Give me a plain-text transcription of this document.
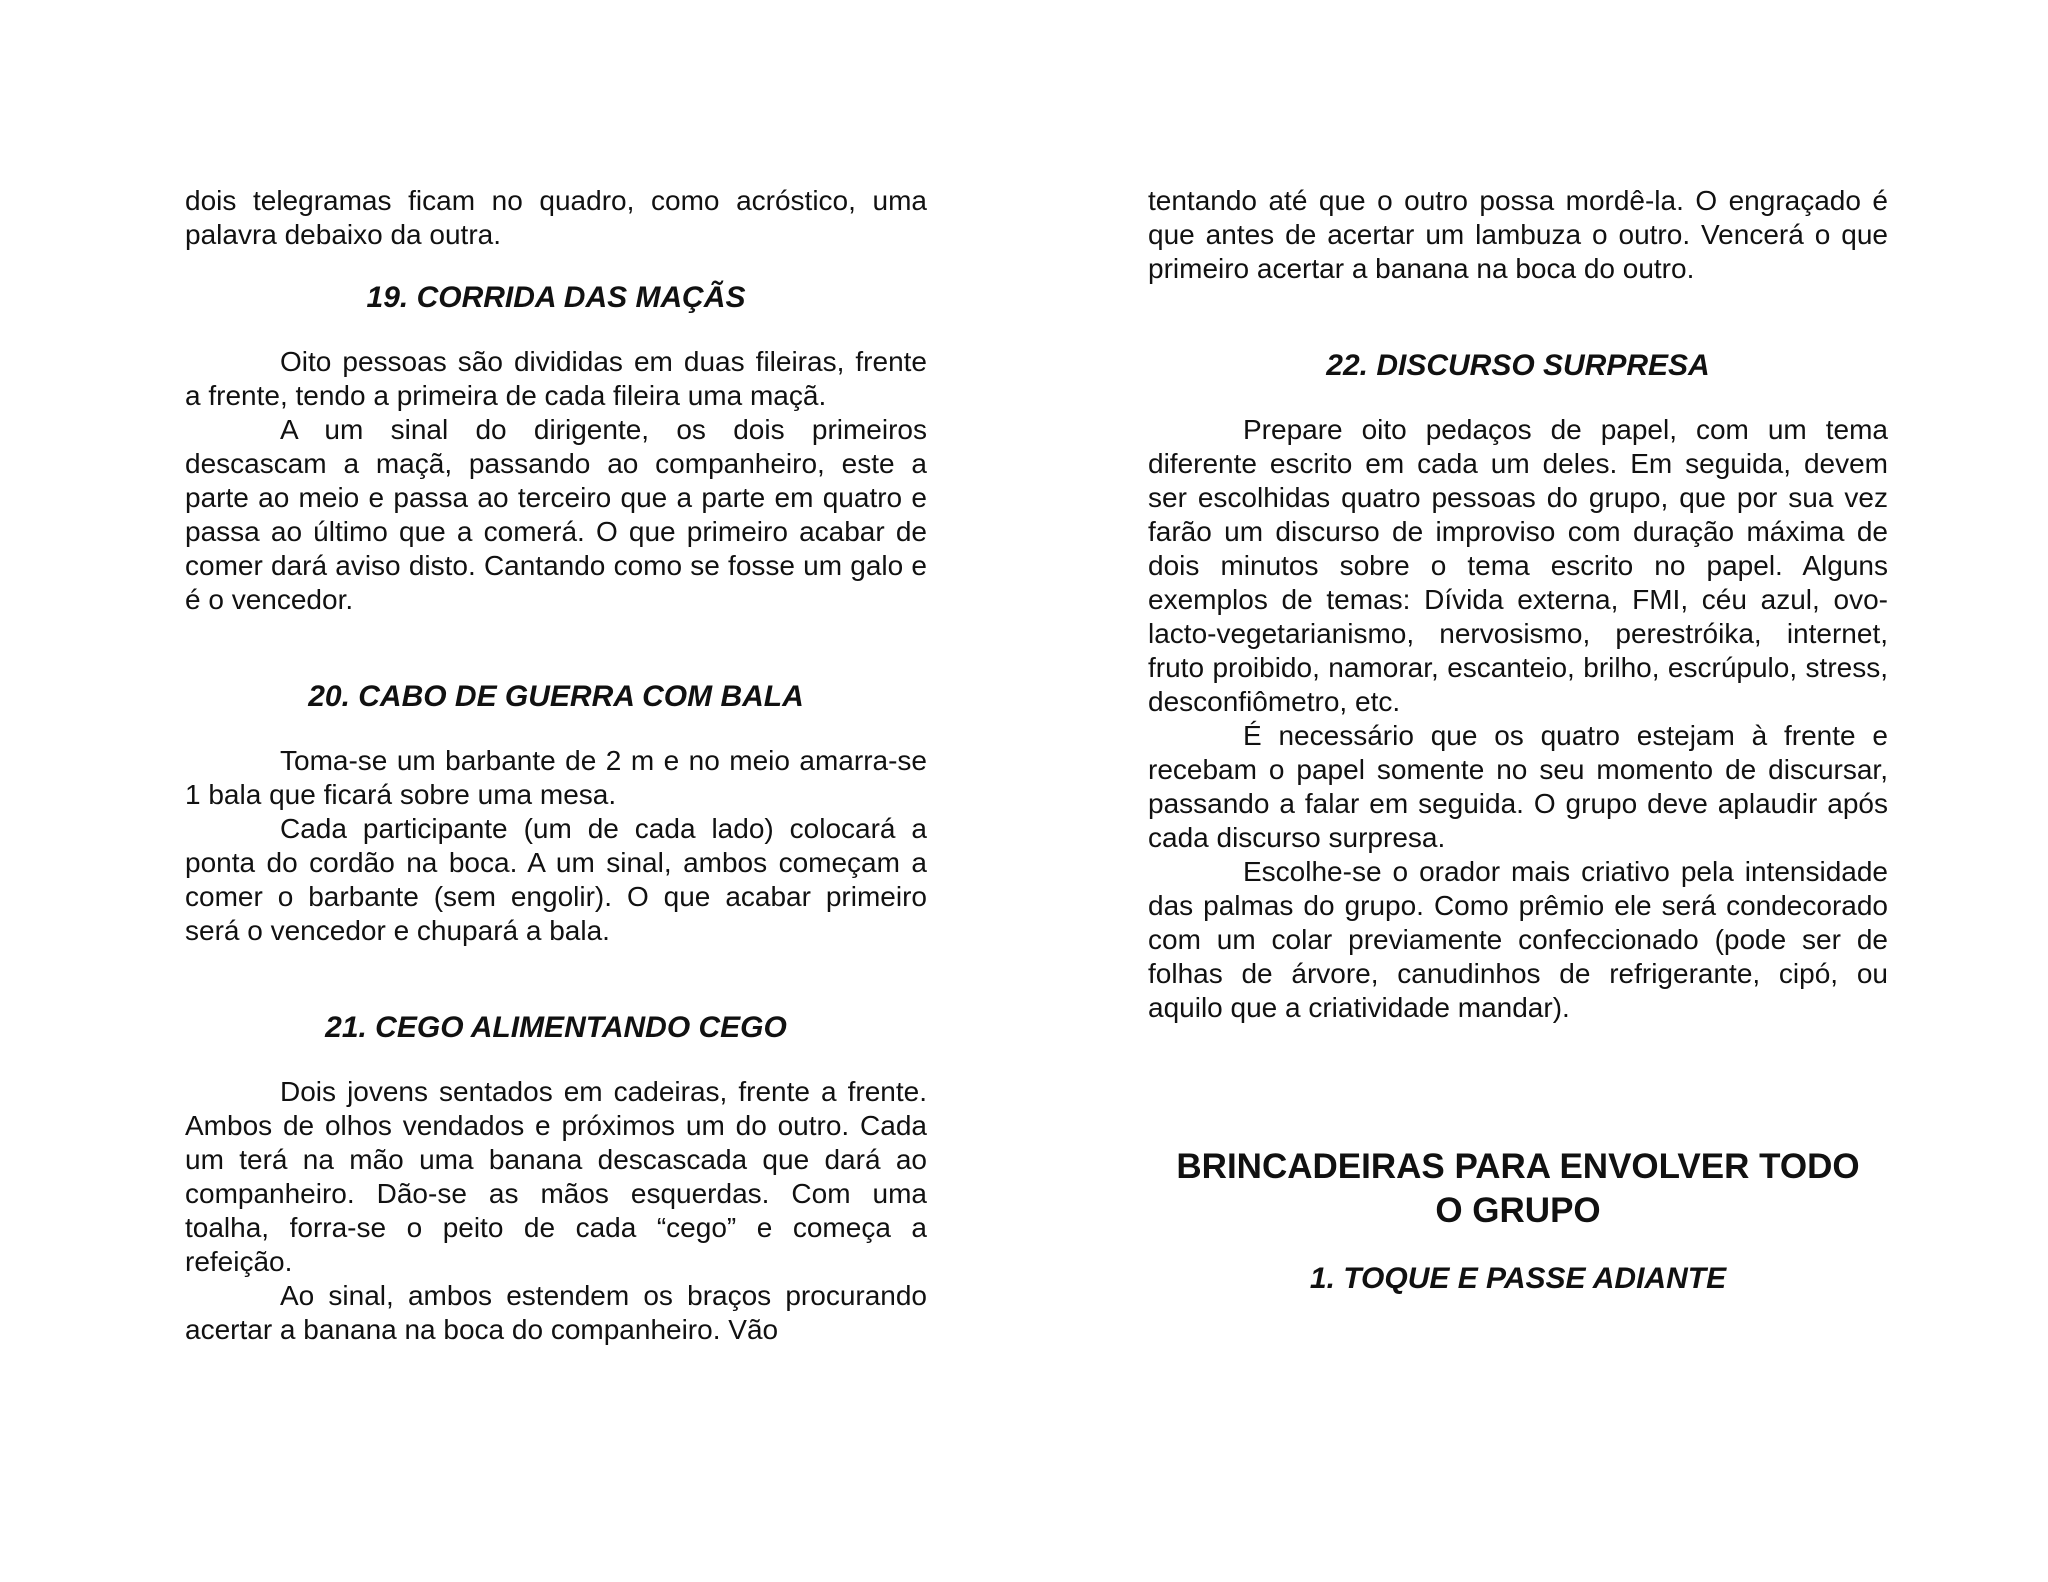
dois telegramas ficam no quadro, como acróstico, uma palavra debaixo da outra.

19. CORRIDA DAS MAÇÃS

Oito pessoas são divididas em duas fileiras, frente a frente, tendo a primeira de cada fileira uma maçã.

A um sinal do dirigente, os dois primeiros descascam a maçã, passando ao companheiro, este a parte ao meio e passa ao terceiro que a parte em quatro e passa ao último que a comerá. O que primeiro acabar de comer dará aviso disto. Cantando como se fosse um galo e é o vencedor.

20. CABO DE GUERRA COM BALA

Toma-se um barbante de 2 m e no meio amarra-se 1 bala que ficará sobre uma mesa.

Cada participante (um de cada lado) colocará a ponta do cordão na boca. A um sinal, ambos começam a comer o barbante (sem engolir). O que acabar primeiro será o vencedor e chupará a bala.

21. CEGO ALIMENTANDO CEGO

Dois jovens sentados em cadeiras, frente a frente. Ambos de olhos vendados e próximos um do outro. Cada um terá na mão uma banana descascada que dará ao companheiro. Dão-se as mãos esquerdas. Com uma toalha, forra-se o peito de cada “cego” e começa a refeição.

Ao sinal, ambos estendem os braços procurando acertar a banana na boca do companheiro. Vão

tentando até que o outro possa mordê-la. O engraçado é que antes de acertar um lambuza o outro. Vencerá o que primeiro acertar a banana na boca do outro.

22. DISCURSO SURPRESA

Prepare oito pedaços de papel, com um tema diferente escrito em cada um deles. Em seguida, devem ser escolhidas quatro pessoas do grupo, que por sua vez farão um discurso de improviso com duração máxima de dois minutos sobre o tema escrito no papel. Alguns exemplos de temas: Dívida externa, FMI, céu azul, ovo-lacto-vegetarianismo, nervosismo, perestróika, internet, fruto proibido, namorar, escanteio, brilho, escrúpulo, stress, desconfiômetro, etc.

É necessário que os quatro estejam à frente e recebam o papel somente no seu momento de discursar, passando a falar em seguida. O grupo deve aplaudir após cada discurso surpresa.

Escolhe-se o orador mais criativo pela intensidade das palmas do grupo. Como prêmio ele será condecorado com um colar previamente confeccionado (pode ser de folhas de árvore, canudinhos de refrigerante, cipó, ou aquilo que a criatividade mandar).

BRINCADEIRAS PARA ENVOLVER TODO
O GRUPO
1. TOQUE E PASSE ADIANTE
